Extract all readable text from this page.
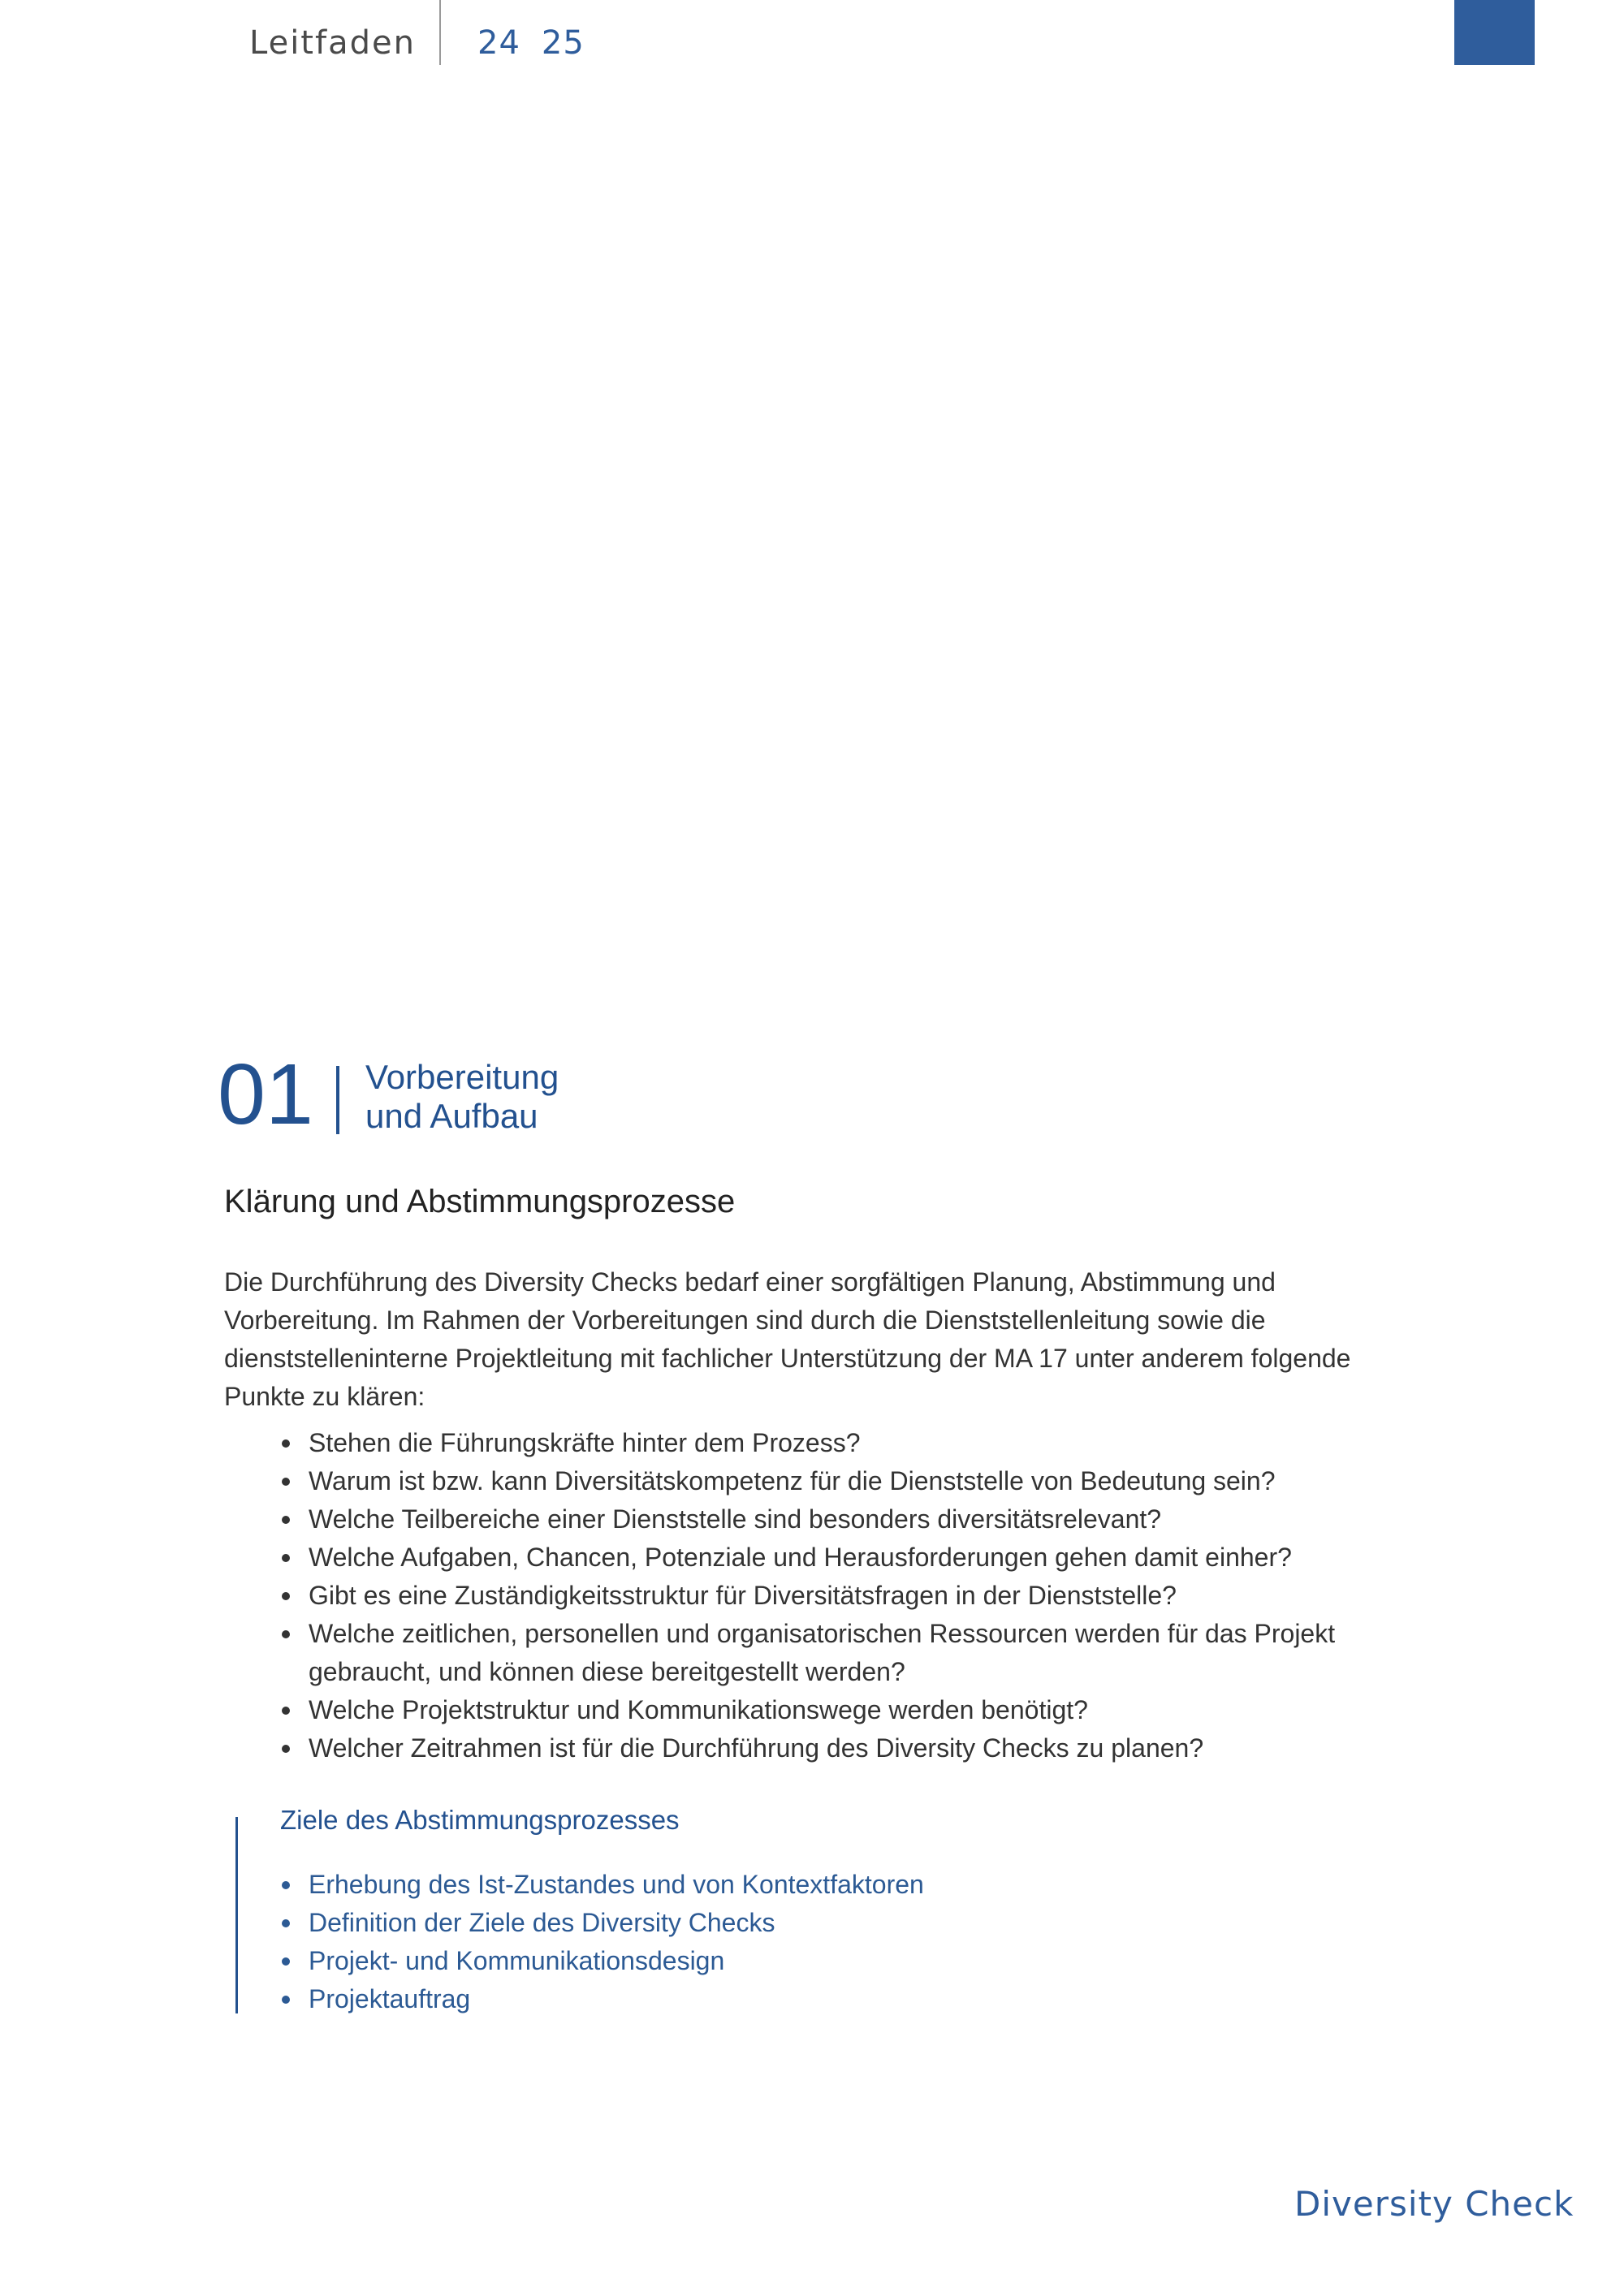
Leitfaden 24 25
01 Vorbereitung
und Aufbau
Klärung und Abstimmungsprozesse

Die Durchführung des Diversity Checks bedarf einer sorgfältigen Planung, Abstimmung und Vorbereitung. Im Rahmen der Vorbereitungen sind durch die Dienststellenleitung sowie die dienststelleninterne Projektleitung mit fachlicher Unterstützung der MA 17 unter anderem folgende Punkte zu klären:

Stehen die Führungskräfte hinter dem Prozess?
Warum ist bzw. kann Diversitätskompetenz für die Dienststelle von Bedeutung sein?
Welche Teilbereiche einer Dienststelle sind besonders diversitätsrelevant?
Welche Aufgaben, Chancen, Potenziale und Herausforderungen gehen damit einher?
Gibt es eine Zuständigkeitsstruktur für Diversitätsfragen in der Dienststelle?
Welche zeitlichen, personellen und organisatorischen Ressourcen werden für das Projekt gebraucht, und können diese bereitgestellt werden?
Welche Projektstruktur und Kommunikationswege werden benötigt?
Welcher Zeitrahmen ist für die Durchführung des Diversity Checks zu planen?
Ziele des Abstimmungsprozesses
Erhebung des Ist-Zustandes und von Kontextfaktoren
Definition der Ziele des Diversity Checks
Projekt- und Kommunikationsdesign
Projektauftrag
Diversity Check
